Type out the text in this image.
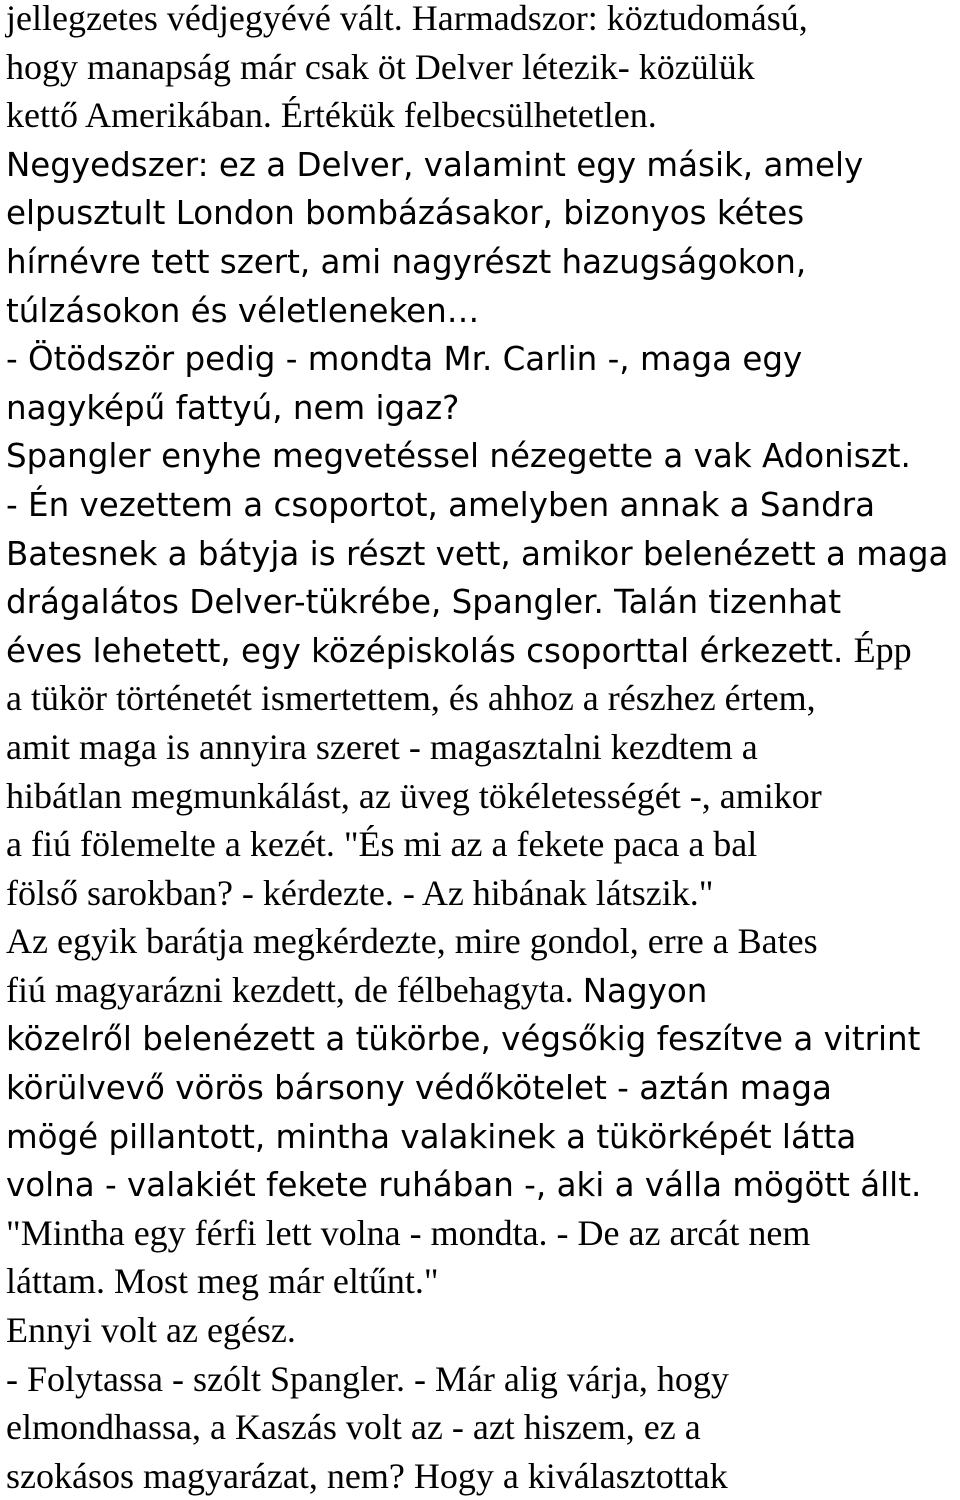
jellegzetes védjegyévé vált. Harmadszor: köztudomású,
hogy manapság már csak öt Delver létezik- közülük
kettő Amerikában. Értékük felbecsülhetetlen.
Negyedszer: ez a Delver, valamint egy másik, amely
elpusztult London bombázásakor, bizonyos kétes
hírnévre tett szert, ami nagyrészt hazugságokon,
túlzásokon és véletleneken…
- Ötödször pedig - mondta Mr. Carlin -, maga egy
nagyképű fattyú, nem igaz?
Spangler enyhe megvetéssel nézegette a vak Adoniszt.
- Én vezettem a csoportot, amelyben annak a Sandra
Batesnek a bátyja is részt vett, amikor belenézett a maga
drágalátos Delver-tükrébe, Spangler. Talán tizenhat
éves lehetett, egy középiskolás csoporttal érkezett. Épp
a tükör történetét ismertettem, és ahhoz a részhez értem,
amit maga is annyira szeret - magasztalni kezdtem a
hibátlan megmunkálást, az üveg tökéletességét -, amikor
a fiú fölemelte a kezét. "És mi az a fekete paca a bal
fölső sarokban? - kérdezte. - Az hibának látszik."
Az egyik barátja megkérdezte, mire gondol, erre a Bates
fiú magyarázni kezdett, de félbehagyta. Nagyon
közelről belenézett a tükörbe, végsőkig feszítve a vitrint
körülvevő vörös bársony védőkötelet - aztán maga
mögé pillantott, mintha valakinek a tükörképét látta
volna - valakiét fekete ruhában -, aki a válla mögött állt.
"Mintha egy férfi lett volna - mondta. - De az arcát nem
láttam. Most meg már eltűnt."
Ennyi volt az egész.
- Folytassa - szólt Spangler. - Már alig várja, hogy
elmondhassa, a Kaszás volt az - azt hiszem, ez a
szokásos magyarázat, nem? Hogy a kiválasztottak
